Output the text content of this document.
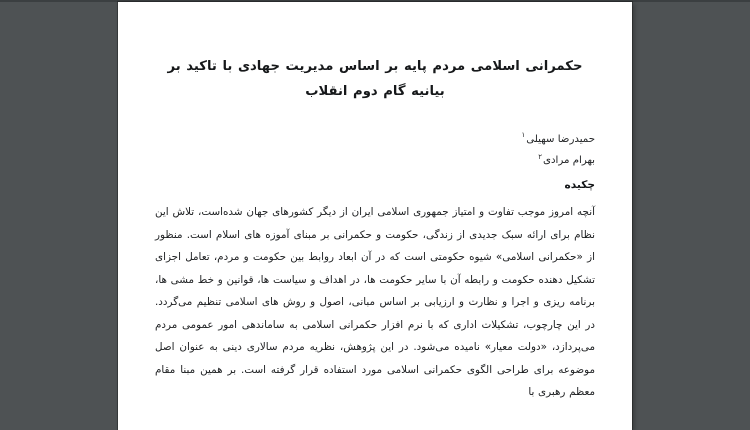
حکمرانی اسلامی مردم پایه بر اساس مدیریت جهادی با تاکید بر بیانیه گام دوم انقلاب
حمیدرضا سهیلی$^۱$
بهرام مرادی$^۲$
چکیده

آنچه امروز موجب تفاوت و امتیاز جمهوری اسلامی ایران از دیگر کشورهای جهان شده‌است، تلاش این نظام برای ارائه سبک جدیدی از زندگی، حکومت و حکمرانی بر مبنای آموزه های اسلام است. منظور از «حکمرانی اسلامی» شیوه حکومتی است که در آن ابعاد روابط بین حکومت و مردم، تعامل اجزای تشکیل دهنده حکومت و رابطه آن با سایر حکومت ها، در اهداف و سیاست ها، قوانین و خط مشی ها، برنامه ریزی و اجرا و نظارت و ارزیابی بر اساس مبانی، اصول و روش های اسلامی تنظیم می‌گردد. در این چارچوب، تشکیلات اداری که با نرم افزار حکمرانی اسلامی به ساماندهی امور عمومی مردم می‌پردازد، «دولت معیار» نامیده می‌شود. در این پژوهش، نظریه مردم سالاری دینی به عنوان اصل موضوعه برای طراحی الگوی حکمرانی اسلامی مورد استفاده قرار گرفته است. بر همین مبنا مقام معظم رهبری با
